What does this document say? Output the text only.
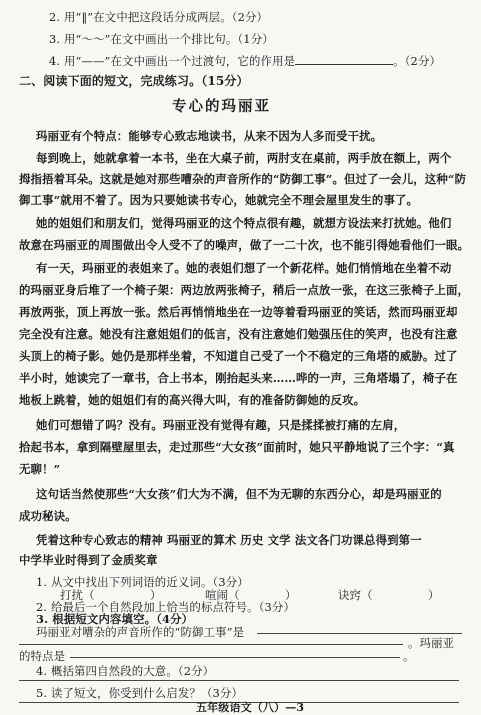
2. 用“‖”在文中把这段话分成两层。（2分）
3. 用“～～”在文中画出一个排比句。（1分）
4. 用“——”在文中画出一个过渡句，它的作用是	。（2分）
二、阅读下面的短文，完成练习。（15分）
专心的玛丽亚
玛丽亚有个特点：能够专心致志地读书，从来不因为人多而受干扰。
每到晚上，她就拿着一本书，坐在大桌子前，两肘支在桌前，两手放在额上，两个
拇指捂着耳朵。这就是她对那些嘈杂的声音所作的“防御工事”。但过了一会儿，这种“防
御工事”就用不着了。因为只要她读书专心，她就完全不理会屋里发生的事了。
她的姐姐们和朋友们，觉得玛丽亚的这个特点很有趣，就想方设法来打扰她。他们
故意在玛丽亚的周围做出令人受不了的噪声，做了一二十次，也不能引得她看他们一眼。
有一天，玛丽亚的表姐来了。她的表姐们想了一个新花样。她们悄悄地在坐着不动
的玛丽亚身后堆了一个椅子架：两边放两张椅子，稍后一点放一张，在这三张椅子上面，
再放两张，顶上再放一张。然后再悄悄地坐在一边等着看玛丽亚的笑话，然而玛丽亚却
完全没有注意。她没有注意姐姐们的低言，没有注意她们勉强压住的笑声，也没有注意
头顶上的椅子影。她仍是那样坐着，不知道自己受了一个不稳定的三角塔的威胁。过了
半小时，她读完了一章书，合上书本，刚抬起头来……哗的一声，三角塔塌了，椅子在
地板上跳着，她的姐姐们有的高兴得大叫，有的准备防御她的反攻。
她们可想错了吗？没有。玛丽亚没有觉得有趣，只是揉揉被打痛的左肩，
拾起书本，拿到隔壁屋里去，走过那些“大女孩”面前时，她只平静地说了三个字：“真
无聊！”
这句话当然使那些“大女孩”们大为不满，但不为无聊的东西分心，却是玛丽亚的
成功秘诀。
凭着这种专心致志的精神 玛丽亚的算术 历史 文学 法文各门功课总得到第一
中学毕业时得到了金质奖章
1. 从文中找出下列词语的近义词。（3分）
打扰（	）	喧闹（	）	诀窍（	）
2. 给最后一个自然段加上恰当的标点符号。（3分）
3. 根据短文内容填空。（4分）
玛丽亚对嘈杂的声音所作的“防御工事”是
。玛丽亚
的特点是	。
4. 概括第四自然段的大意。（2分）
5. 读了短文，你受到什么启发？（3分）
五年级语文（八）—3
